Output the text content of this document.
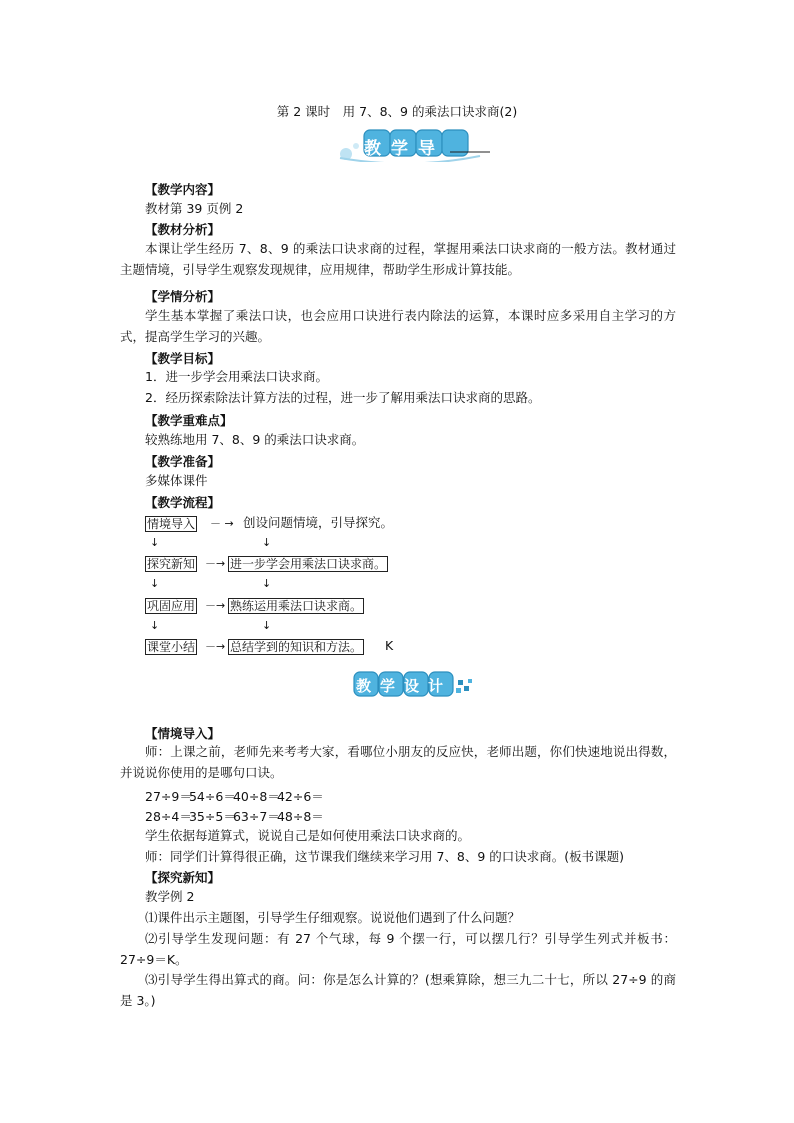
第 2 课时　用 7、8、9 的乘法口诀求商(2)
教学导航
【教学内容】
教材第 39 页例 2
【教材分析】
本课让学生经历 7、8、9 的乘法口诀求商的过程，掌握用乘法口诀求商的一般方法。教材通过主题情境，引导学生观察发现规律，应用规律，帮助学生形成计算技能。
【学情分析】
学生基本掌握了乘法口诀，也会应用口诀进行表内除法的运算，本课时应多采用自主学习的方式，提高学生学习的兴趣。
【教学目标】
1．进一步学会用乘法口诀求商。
2．经历探索除法计算方法的过程，进一步了解用乘法口诀求商的思路。
【教学重难点】
较熟练地用 7、8、9 的乘法口诀求商。
【教学准备】
多媒体课件
【教学流程】
情境导入 － → 创设问题情境，引导探究。
↓	↓
探究新知 －→ 进一步学会用乘法口诀求商。
↓	↓
巩固应用 －→ 熟练运用乘法口诀求商。
↓	↓
课堂小结 －→ 总结学到的知识和方法。 K
教学设计
【情境导入】
师：上课之前，老师先来考考大家，看哪位小朋友的反应快，老师出题，你们快速地说出得数，并说说你使用的是哪句口诀。
27÷9＝ 54÷6＝ 40÷8＝ 42÷6＝
28÷4＝ 35÷5＝ 63÷7＝ 48÷8＝
学生依据每道算式，说说自己是如何使用乘法口诀求商的。
师：同学们计算得很正确，这节课我们继续来学习用 7、8、9 的口诀求商。(板书课题)
【探究新知】
教学例 2
⑴课件出示主题图，引导学生仔细观察。说说他们遇到了什么问题？
⑵引导学生发现问题：有 27 个气球，每 9 个摆一行，可以摆几行？引导学生列式并板书：27÷9＝K。
⑶引导学生得出算式的商。问：你是怎么计算的？(想乘算除，想三九二十七，所以 27÷9 的商是 3。)
